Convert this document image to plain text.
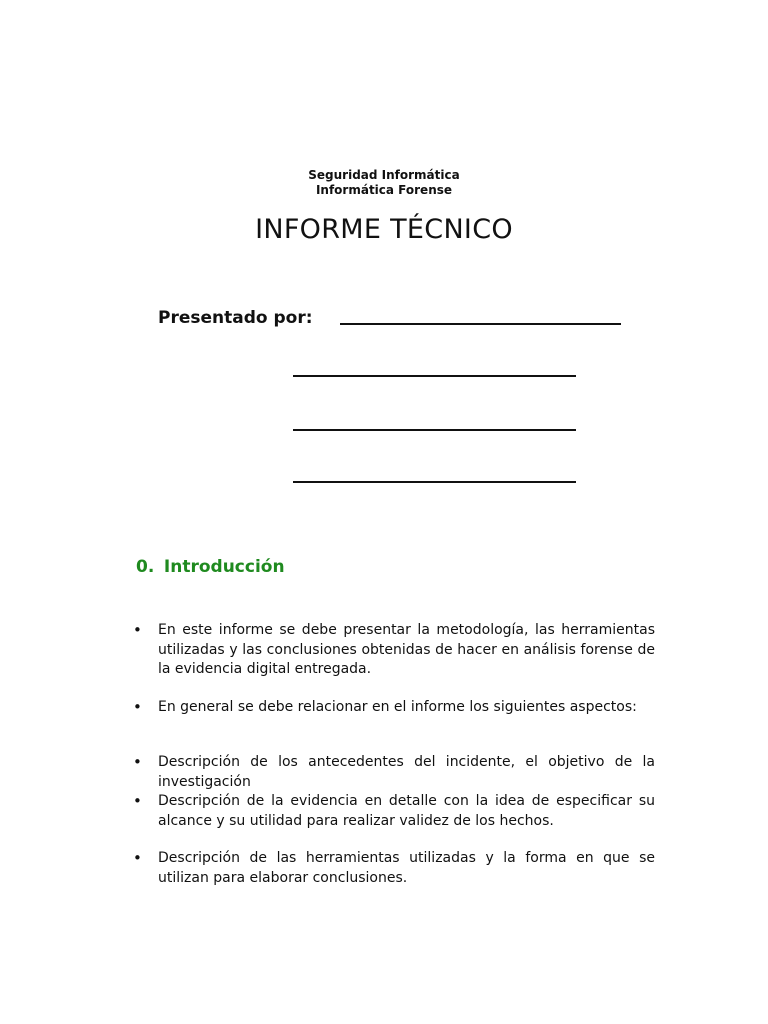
Seguridad Informática
Informática Forense
INFORME TÉCNICO
Presentado por:
0. Introducción
•	En este informe se debe presentar la metodología, las herramientas utilizadas y las conclusiones obtenidas de hacer en análisis forense de la evidencia digital entregada.
•	En general se debe relacionar en el informe los siguientes aspectos:
•	Descripción de los antecedentes del incidente, el objetivo de la investigación
•	Descripción de la evidencia en detalle con la idea de especificar su alcance y su utilidad para realizar validez de los hechos.
•	Descripción de las herramientas utilizadas y la forma en que se utilizan para elaborar conclusiones.
